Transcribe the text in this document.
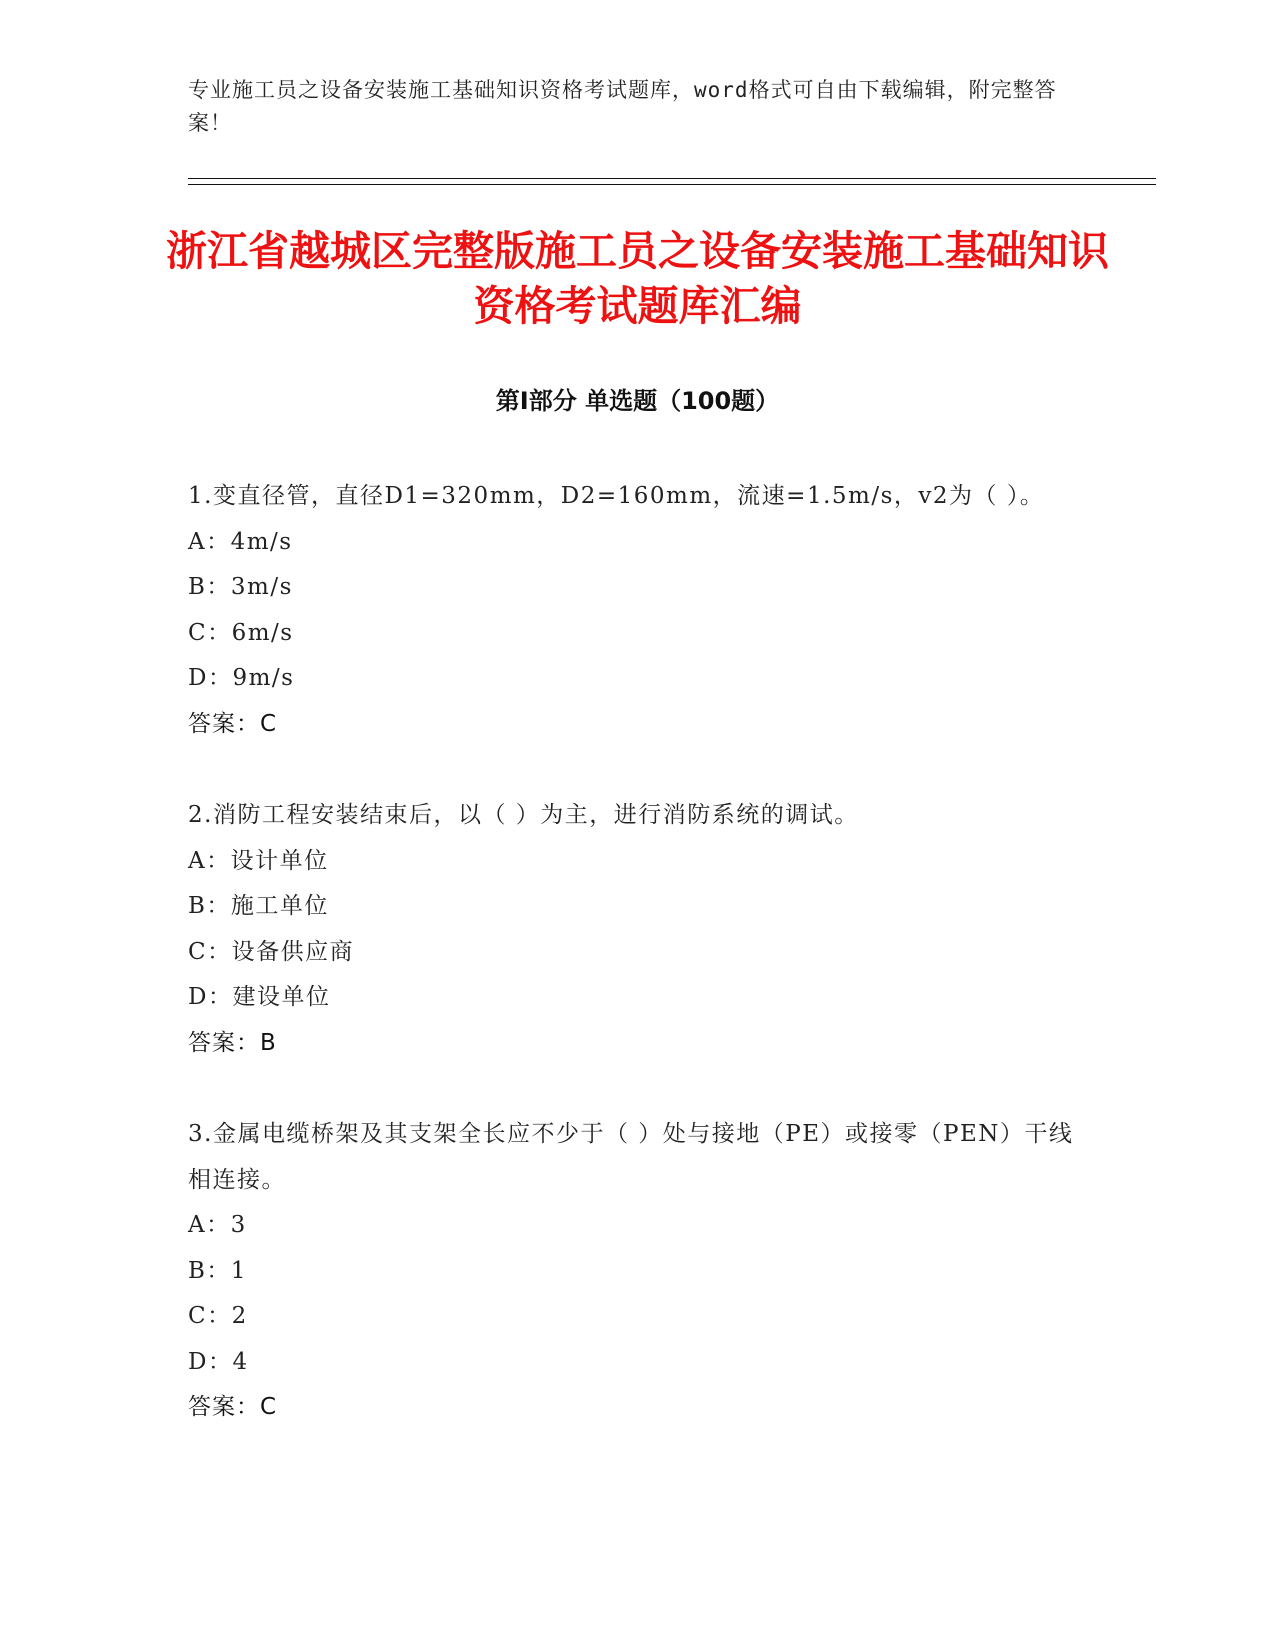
专业施工员之设备安装施工基础知识资格考试题库，word格式可自由下载编辑，附完整答案！
浙江省越城区完整版施工员之设备安装施工基础知识资格考试题库汇编
第Ⅰ部分 单选题（100题）

1.变直径管，直径D1=320mm，D2=160mm，流速=1.5m/s，v2为（ ）。

A：4m/s

B：3m/s

C：6m/s

D：9m/s

答案：C

2.消防工程安装结束后，以（ ）为主，进行消防系统的调试。

A：设计单位

B：施工单位

C：设备供应商

D：建设单位

答案：B

3.金属电缆桥架及其支架全长应不少于（ ）处与接地（PE）或接零（PEN）干线相连接。

A：3

B：1

C：2

D：4

答案：C
